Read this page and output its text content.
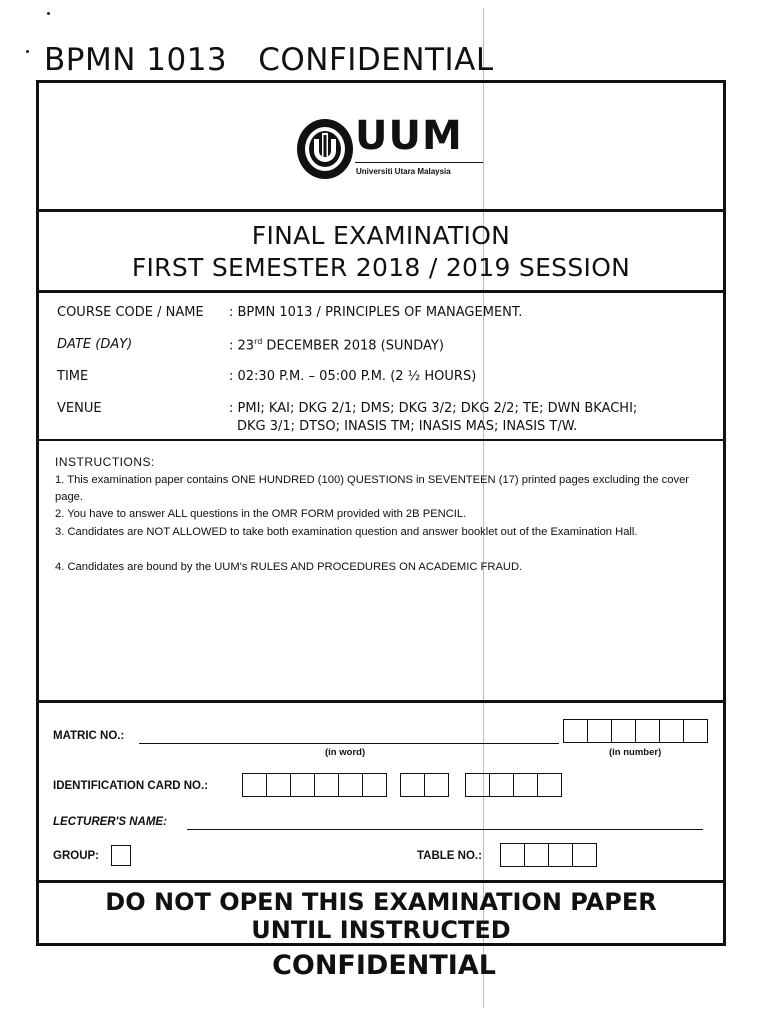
BPMN 1013   CONFIDENTIAL
UUM
Universiti Utara Malaysia
FINAL EXAMINATION
FIRST SEMESTER 2018 / 2019 SESSION
COURSE CODE / NAME : BPMN 1013 / PRINCIPLES OF MANAGEMENT.
DATE (DAY)	: 23rd DECEMBER 2018 (SUNDAY)
TIME	: 02:30 P.M. – 05:00 P.M. (2 ½ HOURS)
VENUE	: PMI; KAI; DKG 2/1; DMS; DKG 3/2; DKG 2/2; TE; DWN BKACHI;
DKG 3/1; DTSO; INASIS TM; INASIS MAS; INASIS T/W.
INSTRUCTIONS:
1. This examination paper contains ONE HUNDRED (100) QUESTIONS in SEVENTEEN (17) printed pages excluding the cover page.
2. You have to answer ALL questions in the OMR FORM provided with 2B PENCIL.
3. Candidates are NOT ALLOWED to take both examination question and answer booklet out of the Examination Hall.
4. Candidates are bound by the UUM's RULES AND PROCEDURES ON ACADEMIC FRAUD.
MATRIC NO.:
(in word)	(in number)
IDENTIFICATION CARD NO.:
LECTURER'S NAME:
GROUP:	TABLE NO.:
DO NOT OPEN THIS EXAMINATION PAPER
UNTIL INSTRUCTED
CONFIDENTIAL
